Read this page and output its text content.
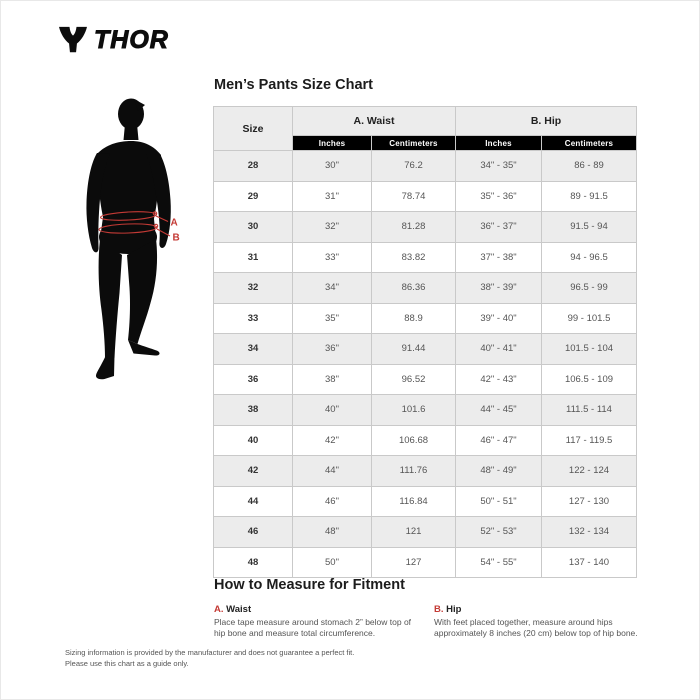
THOR
A
B
Men’s Pants Size Chart
Size	A. Waist		B. Hip	
	Inches	Centimeters	Inches	Centimeters
28	30"	76.2	34" - 35"	86 - 89
29	31"	78.74	35" - 36"	89 - 91.5
30	32"	81.28	36" - 37"	91.5 - 94
31	33"	83.82	37" - 38"	94 - 96.5
32	34"	86.36	38" - 39"	96.5 - 99
33	35"	88.9	39" - 40"	99 - 101.5
34	36"	91.44	40" - 41"	101.5 - 104
36	38"	96.52	42" - 43"	106.5 - 109
38	40"	101.6	44" - 45"	111.5 - 114
40	42"	106.68	46" - 47"	117 - 119.5
42	44"	111.76	48" - 49"	122 - 124
44	46"	116.84	50" - 51"	127 - 130
46	48"	121	52" - 53"	132 - 134
48	50"	127	54" - 55"	137 - 140
How to Measure for Fitment
A. Waist
Place tape measure around stomach 2” below top of hip bone and measure total circumference.
B. Hip
With feet placed together, measure around hips approximately 8 inches (20 cm) below top of hip bone.
Sizing information is provided by the manufacturer and does not guarantee a perfect fit.
Please use this chart as a guide only.
